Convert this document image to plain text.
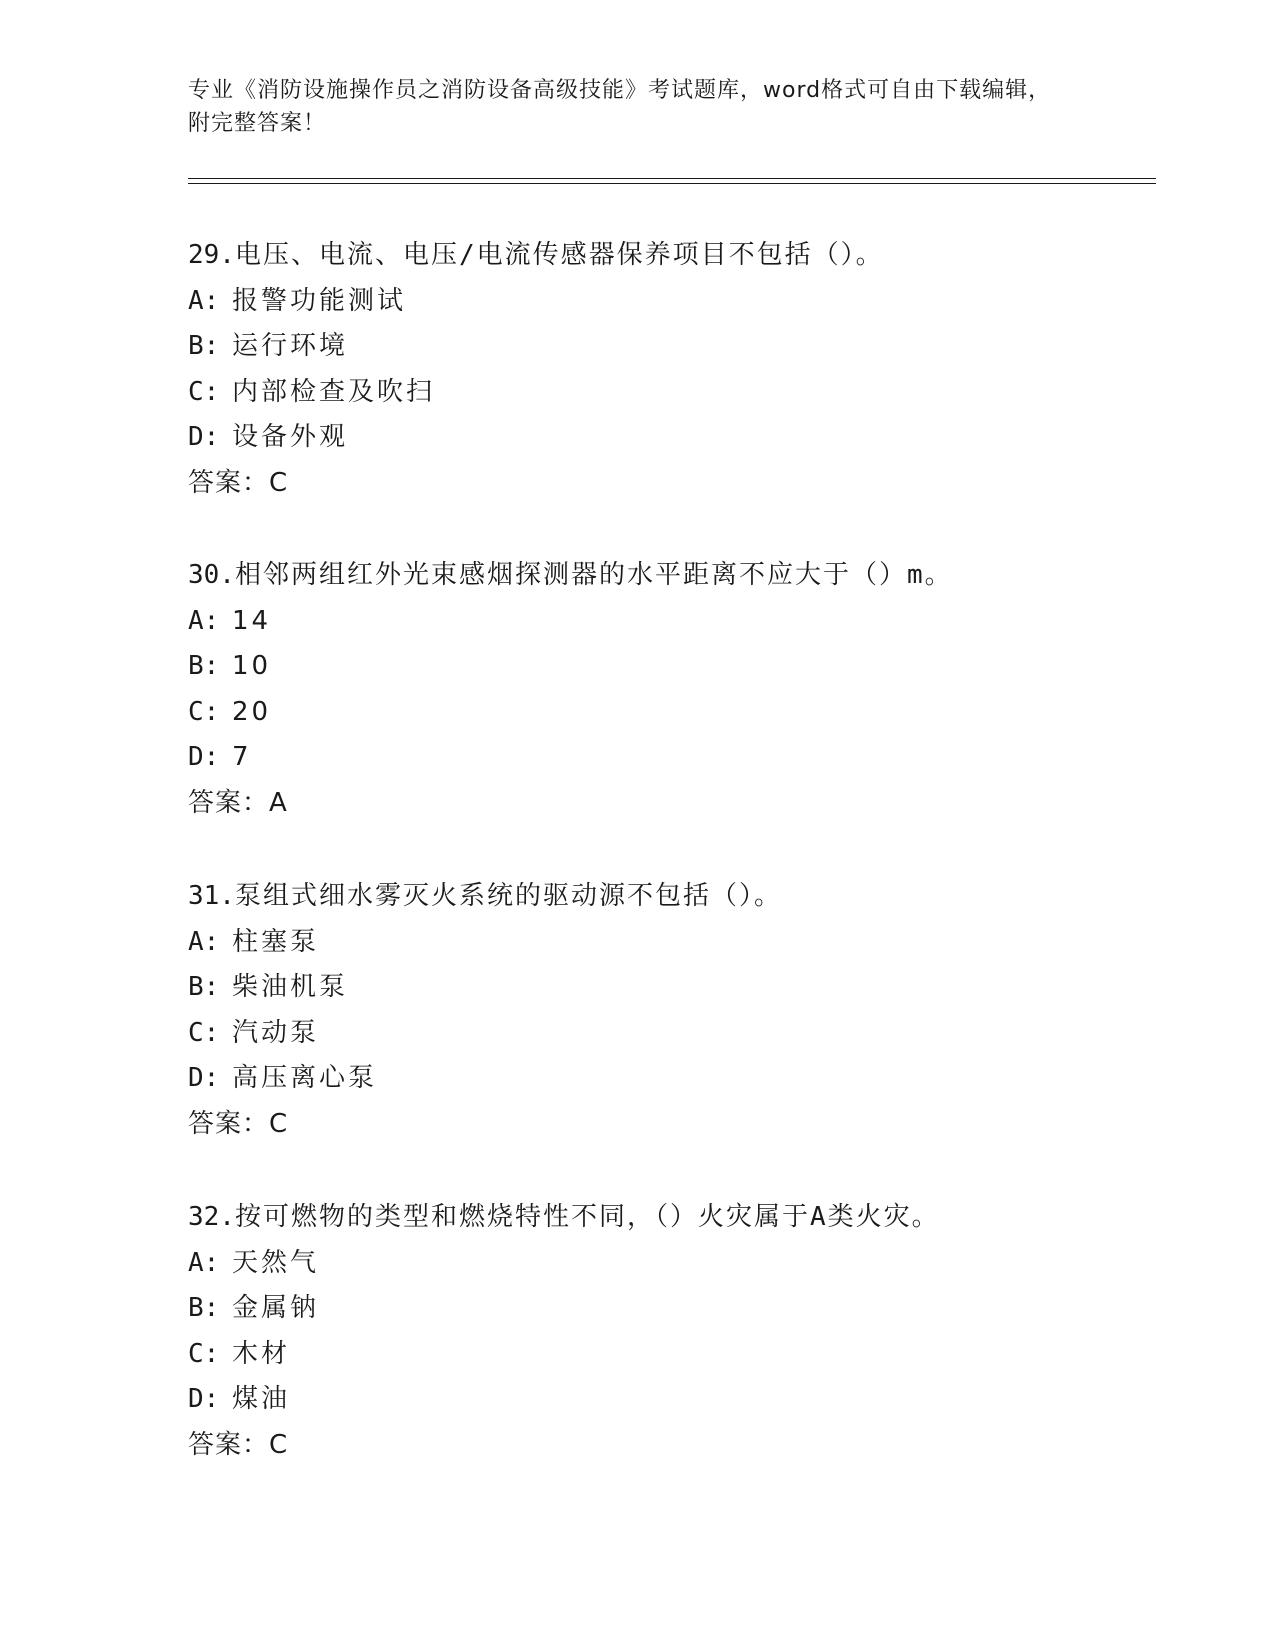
专业《消防设施操作员之消防设备高级技能》考试题库，word格式可自由下载编辑，附完整答案！
29.电压、电流、电压/电流传感器保养项目不包括（）。
A: 报警功能测试
B: 运行环境
C: 内部检查及吹扫
D: 设备外观
答案：C
30.相邻两组红外光束感烟探测器的水平距离不应大于（）m。
A: 14
B: 10
C: 20
D: 7
答案：A
31.泵组式细水雾灭火系统的驱动源不包括（）。
A: 柱塞泵
B: 柴油机泵
C: 汽动泵
D: 高压离心泵
答案：C
32.按可燃物的类型和燃烧特性不同，（）火灾属于A类火灾。
A: 天然气
B: 金属钠
C: 木材
D: 煤油
答案：C
